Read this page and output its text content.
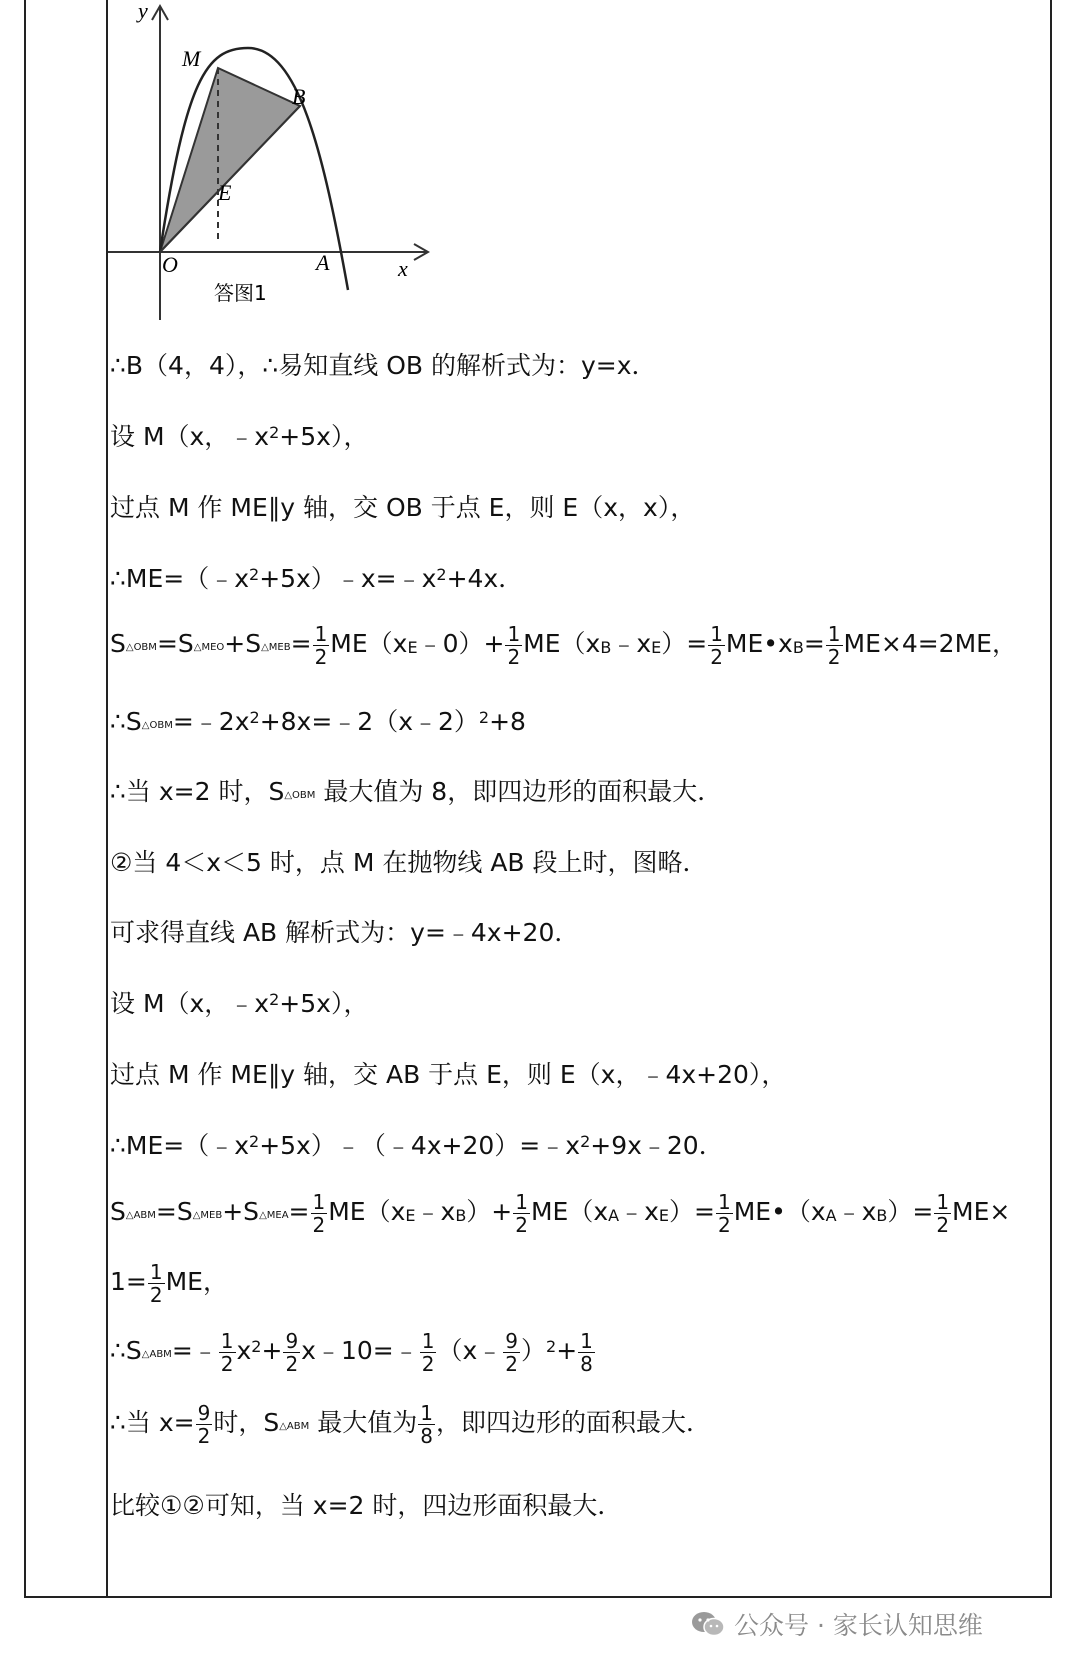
y
x
M
B
E
O	A
答图1
∴B（4，4），∴易知直线 OB 的解析式为：y=x．
设 M（x，$﹣x^2+5x$），
过点 M 作 ME∥y 轴，交 OB 于点 E，则 E（x，x），
$\therefore ME=(﹣x^2+5x)﹣x=﹣x^2+4x$．
$S_{\triangle OBM}=S_{\triangle MEO}+S_{\triangle MEB}= \frac{1}{2}$ $ME(x_E﹣0)+ \frac{1}{2}$ $ME(x_B﹣x_E)= \frac{1}{2}$ $ME•x_B= \frac{1}{2} ME\times 4=2ME$，
$\therefore S_{\triangle OBM}=﹣2x^2+8x=﹣2(x﹣2)^2+8$
∴当 x=2 时，$S_{\triangle OBM}$ 最大值为 8，即四边形的面积最大．
②当 4＜x＜5 时，点 M 在抛物线 AB 段上时，图略．
可求得直线 AB 解析式为：y=﹣4x+20．
设 M（x，$﹣x^2+5x$），
过点 M 作 ME∥y 轴，交 AB 于点 E，则 E（x，﹣4x+20），
$\therefore ME=(﹣x^2+5x)﹣(﹣4x+20)=﹣x^2+9x﹣20$．
$S_{\triangle ABM}=S_{\triangle MEB}+S_{\triangle MEA}= \frac{1}{2}$ $ME(x_E﹣x_B)+ \frac{1}{2}$ $ME(x_A﹣x_E)= \frac{1}{2}$ $ME•(x_A﹣x_B)= \frac{1}{2} ME\times$
$1= \frac{1}{2}$ ME，
$\therefore S_{\triangle ABM}=﹣ \frac{1}{2} x^2+ \frac{9}{2}$ x﹣10=﹣ $\frac{1}{2}$ （x﹣ $\frac{9}{2} )^2+ \frac{1}{8}$
∴当 $x= \frac{9}{2}$ 时，$S_{\triangle ABM}$ 最大值为 $\frac{1}{8}$ ，即四边形的面积最大．
比较①②可知，当 x=2 时，四边形面积最大．
公众号 · 家长认知思维
